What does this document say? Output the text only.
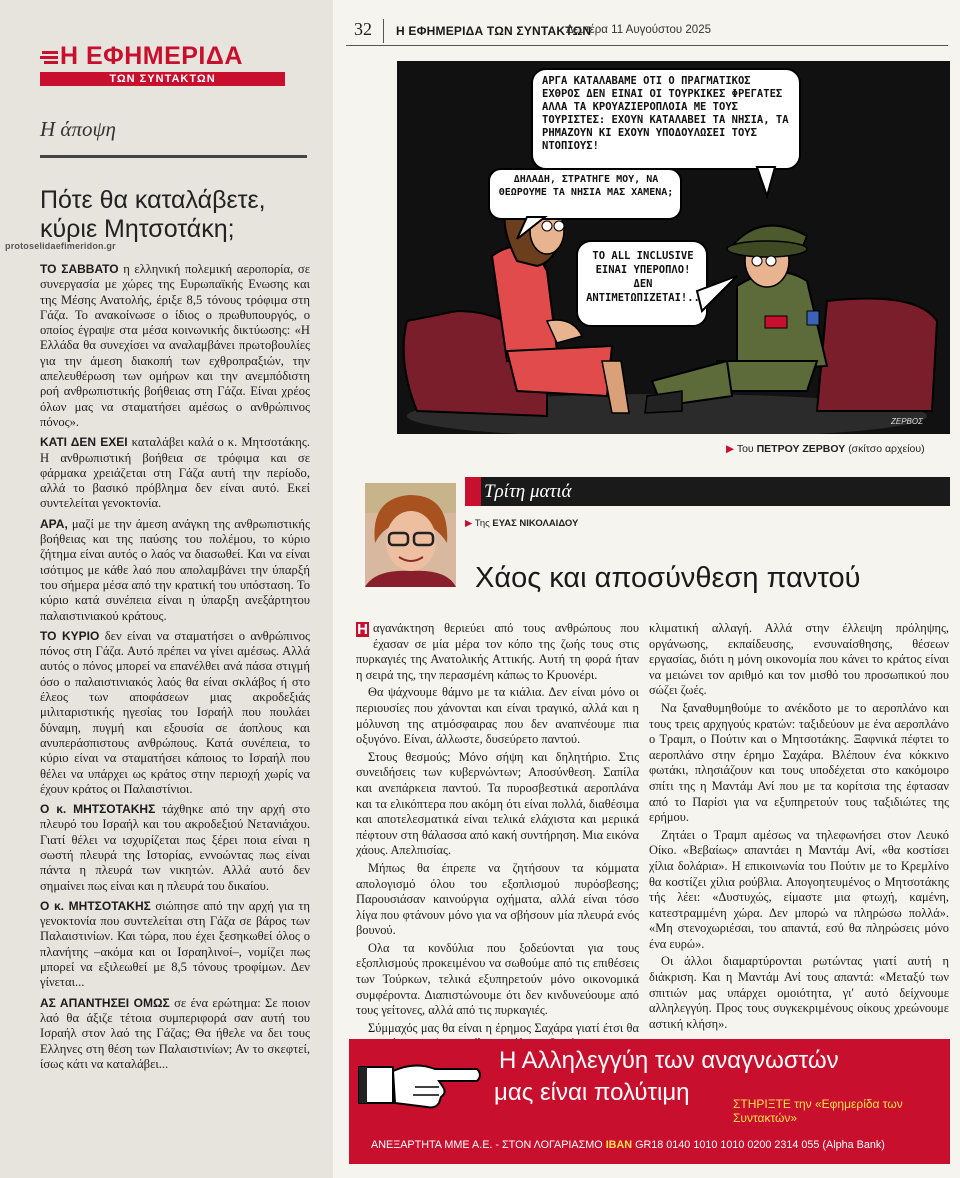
Η ΕΦΗΜΕΡΙΔΑ
ΤΩΝ ΣΥΝΤΑΚΤΩΝ
Η άποψη
Πότε θα καταλάβετε, κύριε Μητσοτάκη;
protoselidaefimeridon.gr

ΤΟ ΣΑΒΒΑΤΟ η ελληνική πολεμική αεροπορία, σε συνεργασία με χώρες της Ευρωπαϊκής Ενωσης και της Μέσης Ανατολής, έριξε 8,5 τόνους τρόφιμα στη Γάζα. Το ανακοίνωσε ο ίδιος ο πρωθυπουργός, ο οποίος έγραψε στα μέσα κοινωνικής δικτύωσης: «Η Ελλάδα θα συνεχίσει να αναλαμβάνει πρωτοβουλίες για την άμεση διακοπή των εχθροπραξιών, την απελευθέρωση των ομήρων και την ανεμπόδιστη ροή ανθρωπιστικής βοήθειας στη Γάζα. Είναι χρέος όλων μας να σταματήσει αμέσως ο ανθρώπινος πόνος».

ΚΑΤΙ ΔΕΝ ΕΧΕΙ καταλάβει καλά ο κ. Μητσοτάκης. Η ανθρωπιστική βοήθεια σε τρόφιμα και σε φάρμακα χρειάζεται στη Γάζα αυτή την περίοδο, αλλά το βασικό πρόβλημα δεν είναι αυτό. Εκεί συντελείται γενοκτονία.

ΑΡΑ, μαζί με την άμεση ανάγκη της ανθρωπιστικής βοήθειας και της παύσης του πολέμου, το κύριο ζήτημα είναι αυτός ο λαός να διασωθεί. Και να είναι ισότιμος με κάθε λαό που απολαμβάνει την ύπαρξή του σήμερα μέσα από την κρατική του υπόσταση. Το κύριο κατά συνέπεια είναι η ύπαρξη ανεξάρτητου παλαιστινιακού κράτους.

ΤΟ ΚΥΡΙΟ δεν είναι να σταματήσει ο ανθρώπινος πόνος στη Γάζα. Αυτό πρέπει να γίνει αμέσως. Αλλά αυτός ο πόνος μπορεί να επανέλθει ανά πάσα στιγμή όσο ο παλαιστινιακός λαός θα είναι σκλάβος ή στο έλεος των αποφάσεων μιας ακροδεξιάς μιλιταριστικής ηγεσίας του Ισραήλ που πουλάει δύναμη, πυγμή και εξουσία σε άοπλους και ανυπεράσπιστους ανθρώπους. Κατά συνέπεια, το κύριο είναι να σταματήσει κάποιος το Ισραήλ που θέλει να υπάρχει ως κράτος στην περιοχή χωρίς να έχουν κράτος οι Παλαιστίνιοι.

Ο κ. ΜΗΤΣΟΤΑΚΗΣ τάχθηκε από την αρχή στο πλευρό του Ισραήλ και του ακροδεξιού Νετανιάχου. Γιατί θέλει να ισχυρίζεται πως ξέρει ποια είναι η σωστή πλευρά της Ιστορίας, εννοώντας πως είναι πάντα η πλευρά των νικητών. Αλλά αυτό δεν σημαίνει πως είναι και η πλευρά του δικαίου.

Ο κ. ΜΗΤΣΟΤΑΚΗΣ σιώπησε από την αρχή για τη γενοκτονία που συντελείται στη Γάζα σε βάρος των Παλαιστινίων. Και τώρα, που έχει ξεσηκωθεί όλος ο πλανήτης –ακόμα και οι Ισραηλινοί–, νομίζει πως μπορεί να εξιλεωθεί με 8,5 τόνους τροφίμων. Δεν γίνεται...

ΑΣ ΑΠΑΝΤΗΣΕΙ ΟΜΩΣ σε ένα ερώτημα: Σε ποιον λαό θα άξιζε τέτοια συμπεριφορά σαν αυτή του Ισραήλ στον λαό της Γάζας; Θα ήθελε να δει τους Ελληνες στη θέση των Παλαιστινίων; Αν το σκεφτεί, ίσως κάτι να καταλάβει...

32 Η ΕΦΗΜΕΡΙΔΑ ΤΩΝ ΣΥΝΤΑΚΤΩΝ
Δευτέρα 11 Αυγούστου 2025
ΑΡΓΑ ΚΑΤΑΛΑΒΑΜΕ ΟΤΙ Ο ΠΡΑΓΜΑΤΙΚΟΣ ΕΧΘΡΟΣ ΔΕΝ ΕΙΝΑΙ ΟΙ ΤΟΥΡΚΙΚΕΣ ΦΡΕΓΑΤΕΣ ΑΛΛΑ ΤΑ ΚΡΟΥΑΖΙΕΡΟΠΛΟΙΑ ΜΕ ΤΟΥΣ ΤΟΥΡΙΣΤΕΣ: ΕΧΟΥΝ ΚΑΤΑΛΑΒΕΙ ΤΑ ΝΗΣΙΑ, ΤΑ ΡΗΜΑΖΟΥΝ ΚΙ ΕΧΟΥΝ ΥΠΟΔΟΥΛΩΣΕΙ ΤΟΥΣ ΝΤΟΠΙΟΥΣ!
ΔΗΛΑΔΗ, ΣΤΡΑΤΗΓΕ ΜΟΥ, ΝΑ ΘΕΩΡΟΥΜΕ ΤΑ ΝΗΣΙΑ ΜΑΣ ΧΑΜΕΝΑ;
ΤΟ ALL INCLUSIVE ΕΙΝΑΙ ΥΠΕΡΟΠΛΟ! ΔΕΝ ΑΝΤΙΜΕΤΩΠΙΖΕΤΑΙ!..
ΖΕΡΒΟΣ
▶ Του ΠΕΤΡΟΥ ΖΕΡΒΟΥ (σκίτσο αρχείου)
Τρίτη ματιά
▶ Της ΕΥΑΣ ΝΙΚΟΛΑΙΔΟΥ
Χάος και αποσύνθεση παντού

Η αγανάκτηση θεριεύει από τους ανθρώπους που έχασαν σε μία μέρα τον κόπο της ζωής τους στις πυρκαγιές της Ανατολικής Αττικής. Αυτή τη φορά ήταν η σειρά της, την περασμένη κάπως το Κρυονέρι.

Θα ψάχνουμε θάμνο με τα κιάλια. Δεν είναι μόνο οι περιουσίες που χάνονται και είναι τραγικό, αλλά και η μόλυνση της ατμόσφαιρας που δεν αναπνέουμε πια οξυγόνο. Είναι, άλλωστε, δυσεύρετο παντού.

Στους θεσμούς; Μόνο σήψη και δηλητήριο. Στις συνειδήσεις των κυβερνώντων; Αποσύνθεση. Σαπίλα και ανεπάρκεια παντού. Τα πυροσβεστικά αεροπλάνα και τα ελικόπτερα που ακόμη ότι είναι πολλά, διαθέσιμα και αποτελεσματικά είναι τελικά ελάχιστα και μεριικά πέφτουν στη θάλασσα από κακή συντήρηση. Μια εικόνα χάους. Απελπισίας.

Μήπως θα έπρεπε να ζητήσουν τα κόμματα απολογισμό όλου του εξοπλισμού πυρόσβεσης; Παρουσιάσαν καινούργια οχήματα, αλλά είναι τόσο λίγα που φτάνουν μόνο για να σβήσουν μία πλευρά ενός βουνού.

Ολα τα κονδύλια που ξοδεύονται για τους εξοπλισμούς προκειμένου να σωθούμε από τις επιθέσεις των Τούρκων, τελικά εξυπηρετούν μόνο οικονομικά συμφέροντα. Διαπιστώνουμε ότι δεν κινδυνεύουμε από τους γείτονες, αλλά από τις πυρκαγιές.

Σύμμαχός μας θα είναι η έρημος Σαχάρα γιατί έτσι θα

κλιματική αλλαγή. Αλλά στην έλλειψη πρόληψης, οργάνωσης, εκπαίδευσης, ενσυναίσθησης, θέσεων εργασίας, διότι η μόνη οικονομία που κάνει το κράτος είναι να μειώνει τον αριθμό και τον μισθό του προσωπικού που σώζει ζωές.

Να ξαναθυμηθούμε το ανέκδοτο με το αεροπλάνο και τους τρεις αρχηγούς κρατών: ταξιδεύουν με ένα αεροπλάνο ο Τραμπ, ο Πούτιν και ο Μητσοτάκης. Ξαφνικά πέφτει το αεροπλάνο στην έρημο Σαχάρα. Βλέπουν ένα κόκκινο φωτάκι, πλησιάζουν και τους υποδέχεται στο κακόμοιρο σπίτι της η Μαντάμ Ανί που με τα κορίτσια της έφτασαν από το Παρίσι για να εξυπηρετούν τους ταξιδιώτες της ερήμου.

Ζητάει ο Τραμπ αμέσως να τηλεφωνήσει στον Λευκό Οίκο. «Βεβαίως» απαντάει η Μαντάμ Ανί, «θα κοστίσει χίλια δολάρια». Η επικοινωνία του Πούτιν με το Κρεμλίνο θα κοστίζει χίλια ρούβλια. Απογοητευμένος ο Μητσοτάκης τής λέει: «Δυστυχώς, είμαστε μια φτωχή, καμένη, κατεστραμμένη χώρα. Δεν μπορώ να πληρώσω πολλά». «Μη στενοχωριέσαι, του απαντά, εσύ θα πληρώσεις μόνο ένα ευρώ».

Οι άλλοι διαμαρτύρονται ρωτώντας γιατί αυτή η διάκριση. Και η Μαντάμ Ανί τους απαντά: «Μεταξύ των σπιτιών μας υπάρχει ομοιότητα, γι' αυτό δείχνουμε αλληλεγγύη. Προς τους συγκεκριμένους οίκους χρεώνουμε αστική κλήση».

Η Αλληλεγγύη των αναγνωστών
μας είναι πολύτιμη	ΣΤΗΡΙΞΤΕ την «Εφημερίδα των Συντακτών»
ΑΝΕΞΑΡΤΗΤΑ ΜΜΕ Α.Ε. - ΣΤΟΝ ΛΟΓΑΡΙΑΣΜΟ IBAN GR18 0140 1010 1010 0200 2314 055 (Alpha Bank)
